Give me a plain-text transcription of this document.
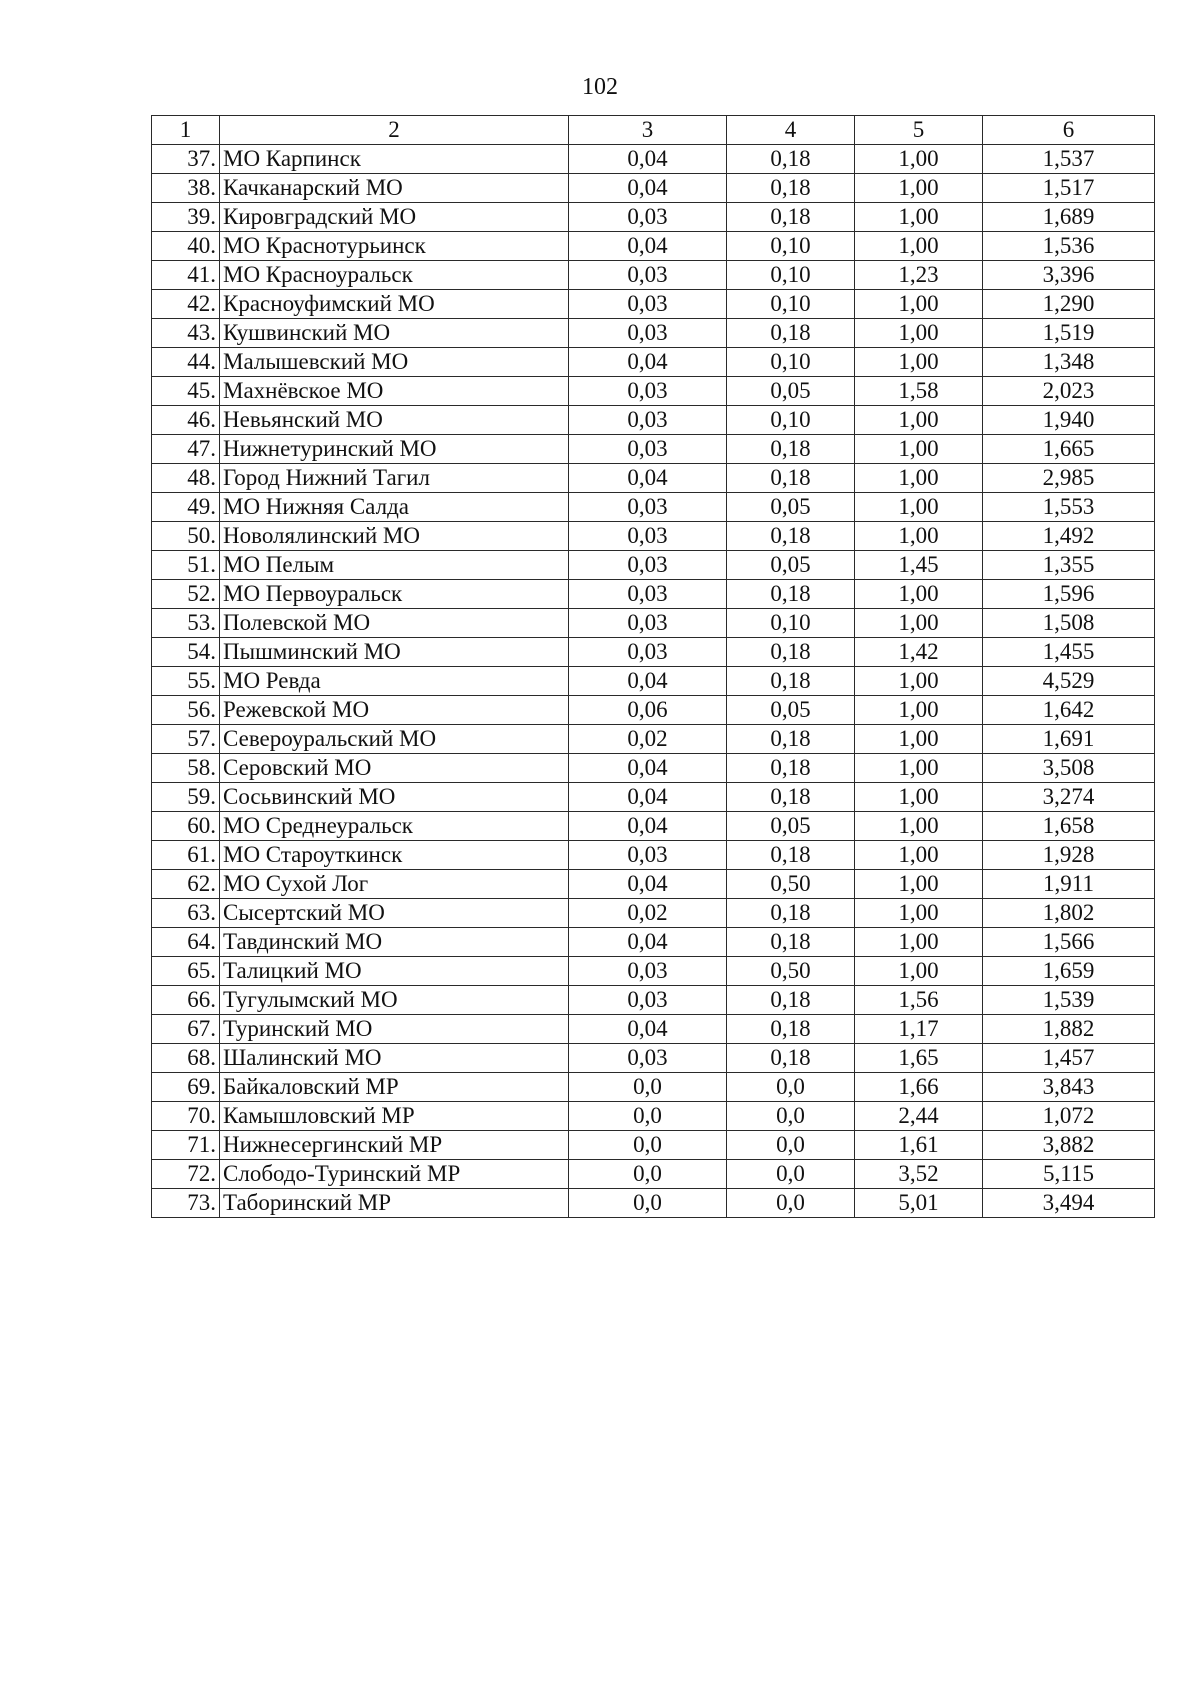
102
1	2	3	4	5	6
37.	МО Карпинск	0,04	0,18	1,00	1,537
38.	Качканарский МО	0,04	0,18	1,00	1,517
39.	Кировградский МО	0,03	0,18	1,00	1,689
40.	МО Краснотурьинск	0,04	0,10	1,00	1,536
41.	МО Красноуральск	0,03	0,10	1,23	3,396
42.	Красноуфимский МО	0,03	0,10	1,00	1,290
43.	Кушвинский МО	0,03	0,18	1,00	1,519
44.	Малышевский МО	0,04	0,10	1,00	1,348
45.	Махнёвское МО	0,03	0,05	1,58	2,023
46.	Невьянский МО	0,03	0,10	1,00	1,940
47.	Нижнетуринский МО	0,03	0,18	1,00	1,665
48.	Город Нижний Тагил	0,04	0,18	1,00	2,985
49.	МО Нижняя Салда	0,03	0,05	1,00	1,553
50.	Новолялинский МО	0,03	0,18	1,00	1,492
51.	МО Пелым	0,03	0,05	1,45	1,355
52.	МО Первоуральск	0,03	0,18	1,00	1,596
53.	Полевской МО	0,03	0,10	1,00	1,508
54.	Пышминский МО	0,03	0,18	1,42	1,455
55.	МО Ревда	0,04	0,18	1,00	4,529
56.	Режевской МО	0,06	0,05	1,00	1,642
57.	Североуральский МО	0,02	0,18	1,00	1,691
58.	Серовский МО	0,04	0,18	1,00	3,508
59.	Сосьвинский МО	0,04	0,18	1,00	3,274
60.	МО Среднеуральск	0,04	0,05	1,00	1,658
61.	МО Староуткинск	0,03	0,18	1,00	1,928
62.	МО Сухой Лог	0,04	0,50	1,00	1,911
63.	Сысертский МО	0,02	0,18	1,00	1,802
64.	Тавдинский МО	0,04	0,18	1,00	1,566
65.	Талицкий МО	0,03	0,50	1,00	1,659
66.	Тугулымский МО	0,03	0,18	1,56	1,539
67.	Туринский МО	0,04	0,18	1,17	1,882
68.	Шалинский МО	0,03	0,18	1,65	1,457
69.	Байкаловский МР	0,0	0,0	1,66	3,843
70.	Камышловский МР	0,0	0,0	2,44	1,072
71.	Нижнесергинский МР	0,0	0,0	1,61	3,882
72.	Слободо-Туринский МР	0,0	0,0	3,52	5,115
73.	Таборинский МР	0,0	0,0	5,01	3,494
